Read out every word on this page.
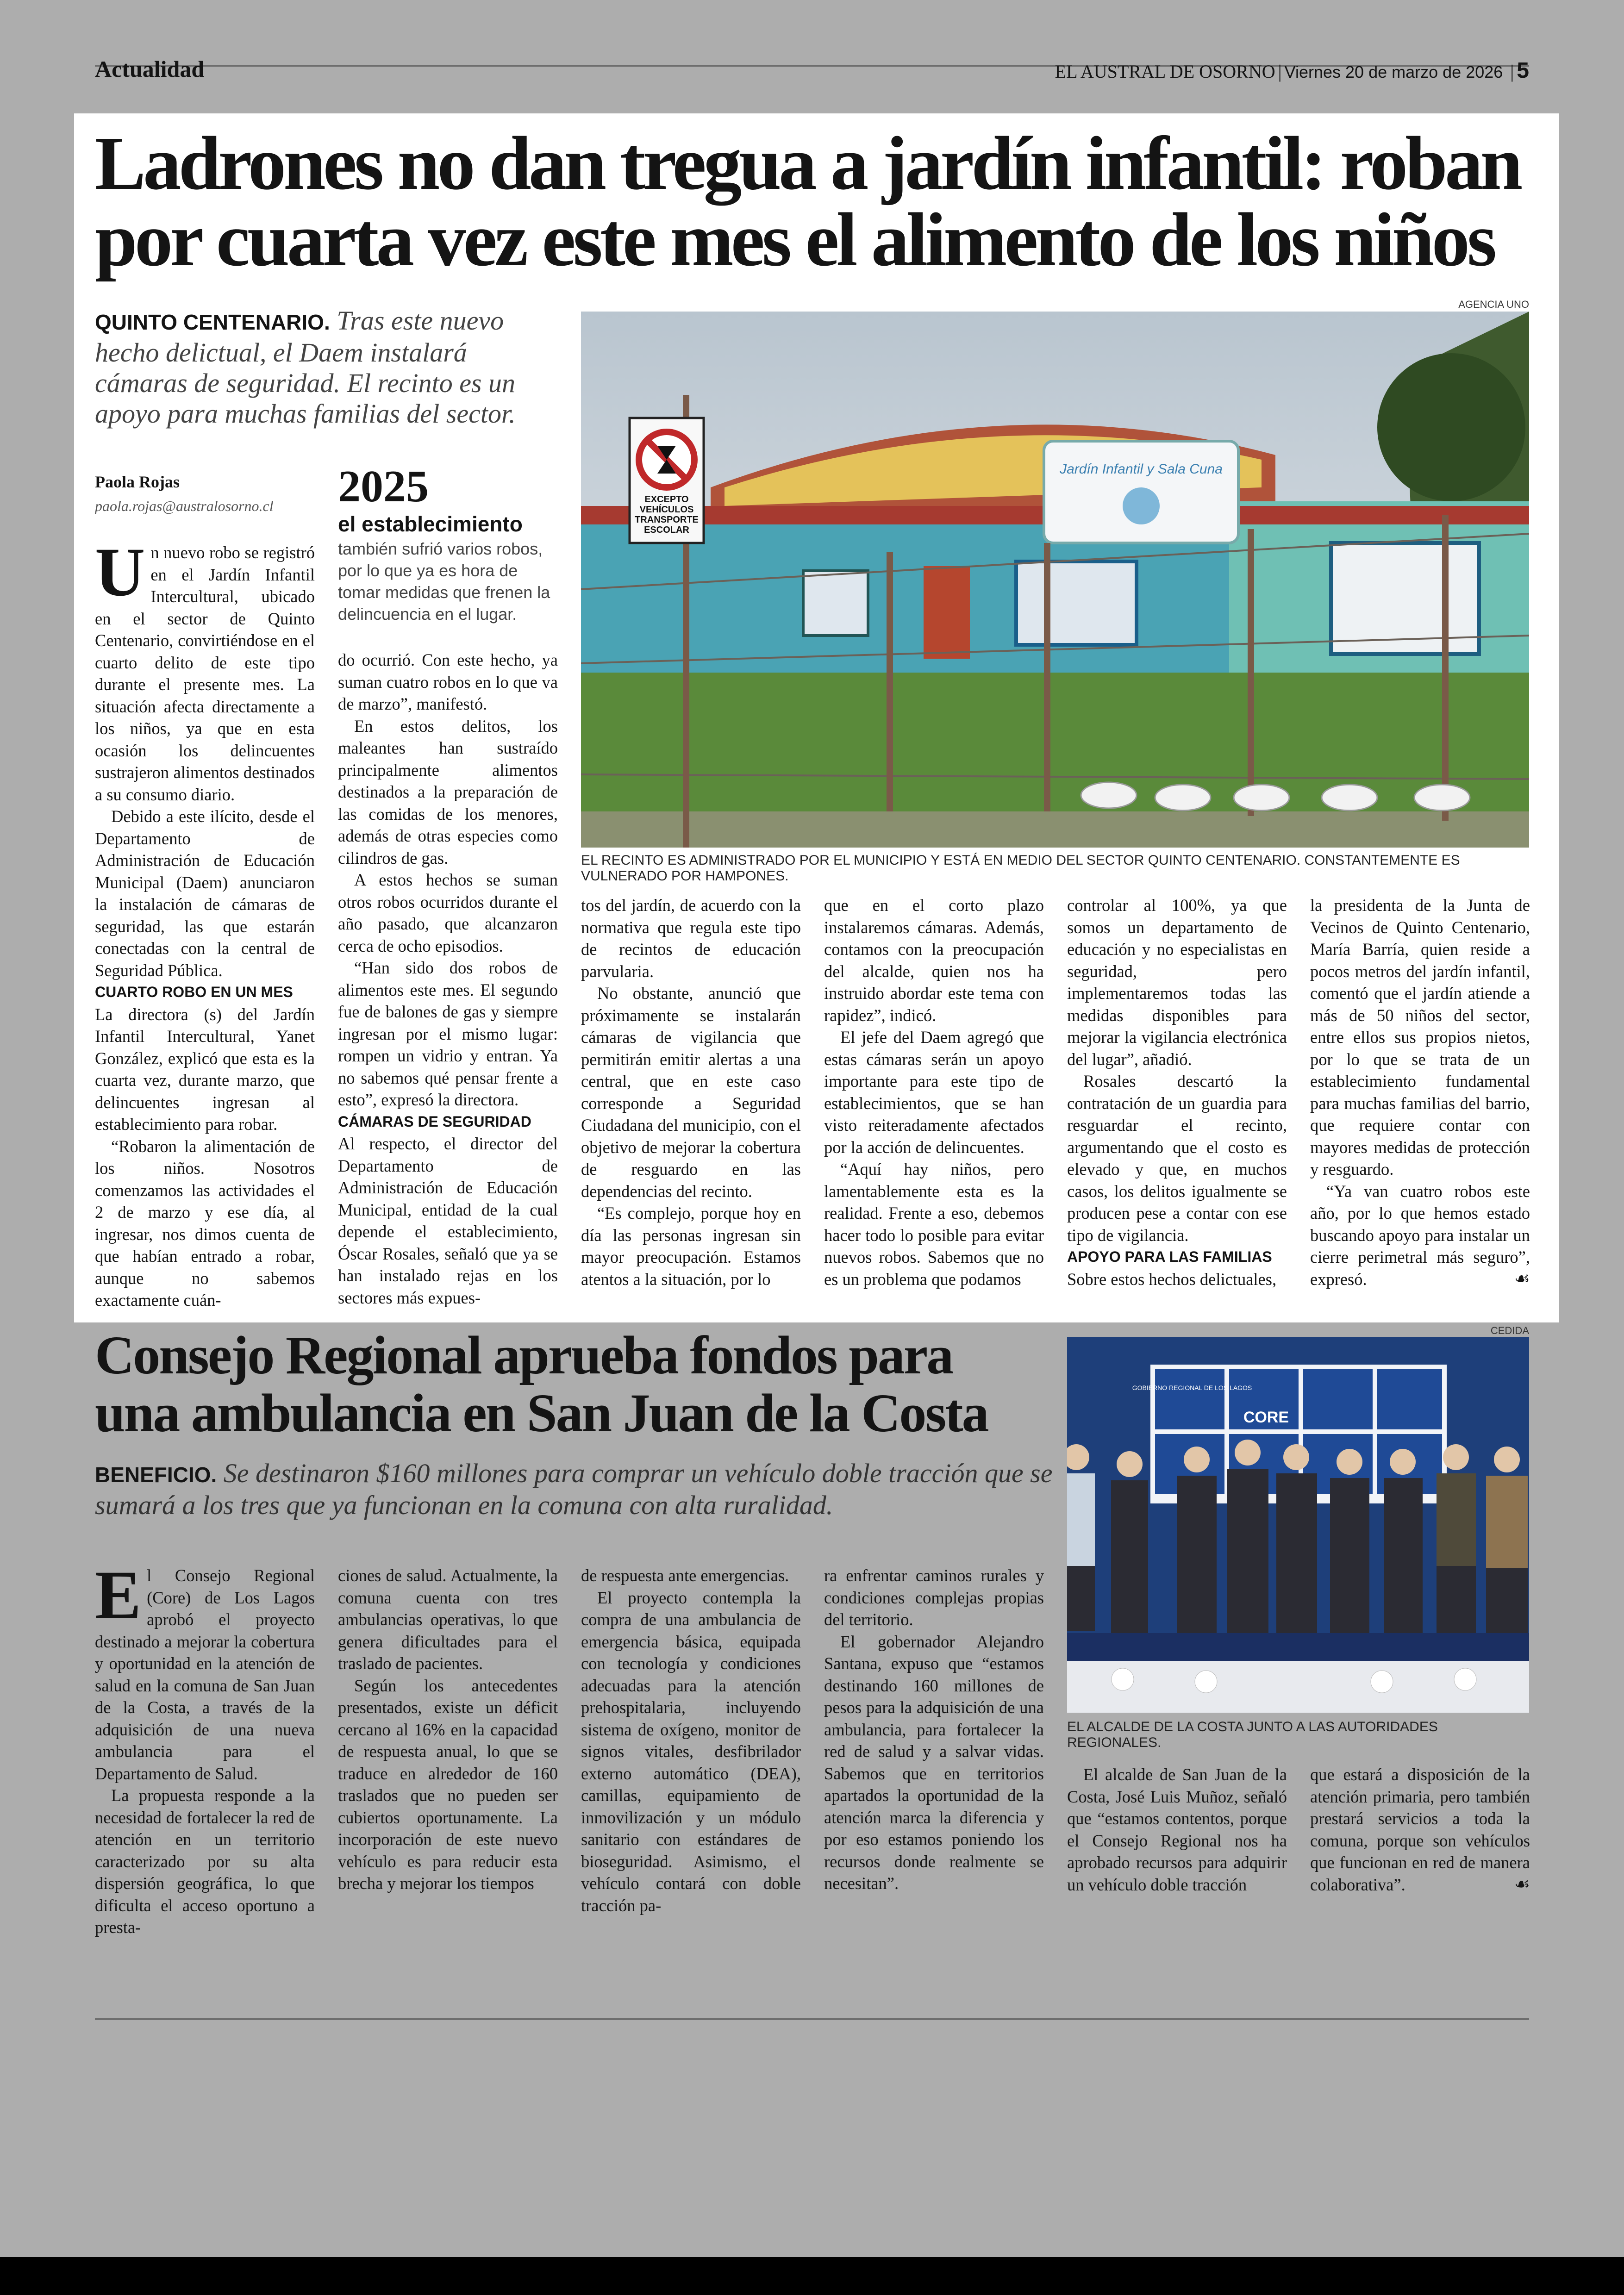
Actualidad	EL AUSTRAL DE OSORNO | Viernes 20 de marzo de 2026 | 5
Ladrones no dan tregua a jardín infantil: roban
por cuarta vez este mes el alimento de los niños
QUINTO CENTENARIO. Tras este nuevo hecho delictual, el Daem instalará cámaras de seguridad. El recinto es un apoyo para muchas familias del sector.
Paola Rojas
paola.rojas@australosorno.cl 2025
el establecimiento
también sufrió varios robos, por lo que ya es hora de tomar medidas que frenen la delincuencia en el lugar.
AGENCIA UNO
Jardín Infantil y Sala Cuna
EXCEPTO VEHÍCULOS TRANSPORTE ESCOLAR
EL RECINTO ES ADMINISTRADO POR EL MUNICIPIO Y ESTÁ EN MEDIO DEL SECTOR QUINTO CENTENARIO. CONSTANTEMENTE ES VULNERADO POR HAMPONES.

Un nuevo robo se registró en el Jardín Infantil Intercultural, ubicado en el sector de Quinto Centenario, convirtiéndose en el cuarto delito de este tipo durante el presente mes. La situación afecta directamente a los niños, ya que en esta ocasión los delincuentes sustrajeron alimentos destinados a su consumo diario.

Debido a este ilícito, desde el Departamento de Administración de Educación Municipal (Daem) anunciaron la instalación de cámaras de seguridad, las que estarán conectadas con la central de Seguridad Pública.

CUARTO ROBO EN UN MES

La directora (s) del Jardín Infantil Intercultural, Yanet González, explicó que esta es la cuarta vez, durante marzo, que delincuentes ingresan al establecimiento para robar.

“Robaron la alimentación de los niños. Nosotros comenzamos las actividades el 2 de marzo y ese día, al ingresar, nos dimos cuenta de que habían entrado a robar, aunque no sabemos exactamente cuán-

do ocurrió. Con este hecho, ya suman cuatro robos en lo que va de marzo”, manifestó.

En estos delitos, los maleantes han sustraído principalmente alimentos destinados a la preparación de las comidas de los menores, además de otras especies como cilindros de gas.

A estos hechos se suman otros robos ocurridos durante el año pasado, que alcanzaron cerca de ocho episodios.

“Han sido dos robos de alimentos este mes. El segundo fue de balones de gas y siempre ingresan por el mismo lugar: rompen un vidrio y entran. Ya no sabemos qué pensar frente a esto”, expresó la directora.

CÁMARAS DE SEGURIDAD

Al respecto, el director del Departamento de Administración de Educación Municipal, entidad de la cual depende el establecimiento, Óscar Rosales, señaló que ya se han instalado rejas en los sectores más expues-

tos del jardín, de acuerdo con la normativa que regula este tipo de recintos de educación parvularia.

No obstante, anunció que próximamente se instalarán cámaras de vigilancia que permitirán emitir alertas a una central, que en este caso corresponde a Seguridad Ciudadana del municipio, con el objetivo de mejorar la cobertura de resguardo en las dependencias del recinto.

“Es complejo, porque hoy en día las personas ingresan sin mayor preocupación. Estamos atentos a la situación, por lo

que en el corto plazo instalaremos cámaras. Además, contamos con la preocupación del alcalde, quien nos ha instruido abordar este tema con rapidez”, indicó.

El jefe del Daem agregó que estas cámaras serán un apoyo importante para este tipo de establecimientos, que se han visto reiteradamente afectados por la acción de delincuentes.

“Aquí hay niños, pero lamentablemente esta es la realidad. Frente a eso, debemos hacer todo lo posible para evitar nuevos robos. Sabemos que no es un problema que podamos

controlar al 100%, ya que somos un departamento de educación y no especialistas en seguridad, pero implementaremos todas las medidas disponibles para mejorar la vigilancia electrónica del lugar”, añadió.

Rosales descartó la contratación de un guardia para resguardar el recinto, argumentando que el costo es elevado y que, en muchos casos, los delitos igualmente se producen pese a contar con ese tipo de vigilancia.

APOYO PARA LAS FAMILIAS

Sobre estos hechos delictuales,

la presidenta de la Junta de Vecinos de Quinto Centenario, María Barría, quien reside a pocos metros del jardín infantil, comentó que el jardín atiende a más de 50 niños del sector, entre ellos sus propios nietos, por lo que se trata de un establecimiento fundamental para muchas familias del barrio, que requiere contar con mayores medidas de protección y resguardo.

“Ya van cuatro robos este año, por lo que hemos estado buscando apoyo para instalar un cierre perimetral más seguro”, expresó.	☙

CEDIDA
Consejo Regional aprueba fondos para
una ambulancia en San Juan de la Costa
BENEFICIO. Se destinaron $160 millones para comprar un vehículo doble tracción que se sumará a los tres que ya funcionan en la comuna con alta ruralidad.
GOBIERNO REGIONAL DE LOS LAGOS
CORE
EL ALCALDE DE LA COSTA JUNTO A LAS AUTORIDADES REGIONALES.

El Consejo Regional (Core) de Los Lagos aprobó el proyecto destinado a mejorar la cobertura y oportunidad en la atención de salud en la comuna de San Juan de la Costa, a través de la adquisición de una nueva ambulancia para el Departamento de Salud.

La propuesta responde a la necesidad de fortalecer la red de atención en un territorio caracterizado por su alta dispersión geográfica, lo que dificulta el acceso oportuno a presta-

ciones de salud. Actualmente, la comuna cuenta con tres ambulancias operativas, lo que genera dificultades para el traslado de pacientes.

Según los antecedentes presentados, existe un déficit cercano al 16% en la capacidad de respuesta anual, lo que se traduce en alrededor de 160 traslados que no pueden ser cubiertos oportunamente. La incorporación de este nuevo vehículo es para reducir esta brecha y mejorar los tiempos

de respuesta ante emergencias.

El proyecto contempla la compra de una ambulancia de emergencia básica, equipada con tecnología y condiciones adecuadas para la atención prehospitalaria, incluyendo sistema de oxígeno, monitor de signos vitales, desfibrilador externo automático (DEA), camillas, equipamiento de inmovilización y un módulo sanitario con estándares de bioseguridad. Asimismo, el vehículo contará con doble tracción pa-

ra enfrentar caminos rurales y condiciones complejas propias del territorio.

El gobernador Alejandro Santana, expuso que “estamos destinando 160 millones de pesos para la adquisición de una ambulancia, para fortalecer la red de salud y a salvar vidas. Sabemos que en territorios apartados la oportunidad de la atención marca la diferencia y por eso estamos poniendo los recursos donde realmente se necesitan”.

El alcalde de San Juan de la Costa, José Luis Muñoz, señaló que “estamos contentos, porque el Consejo Regional nos ha aprobado recursos para adquirir un vehículo doble tracción

que estará a disposición de la atención primaria, pero también prestará servicios a toda la comuna, porque son vehículos que funcionan en red de manera colaborativa”.	☙
